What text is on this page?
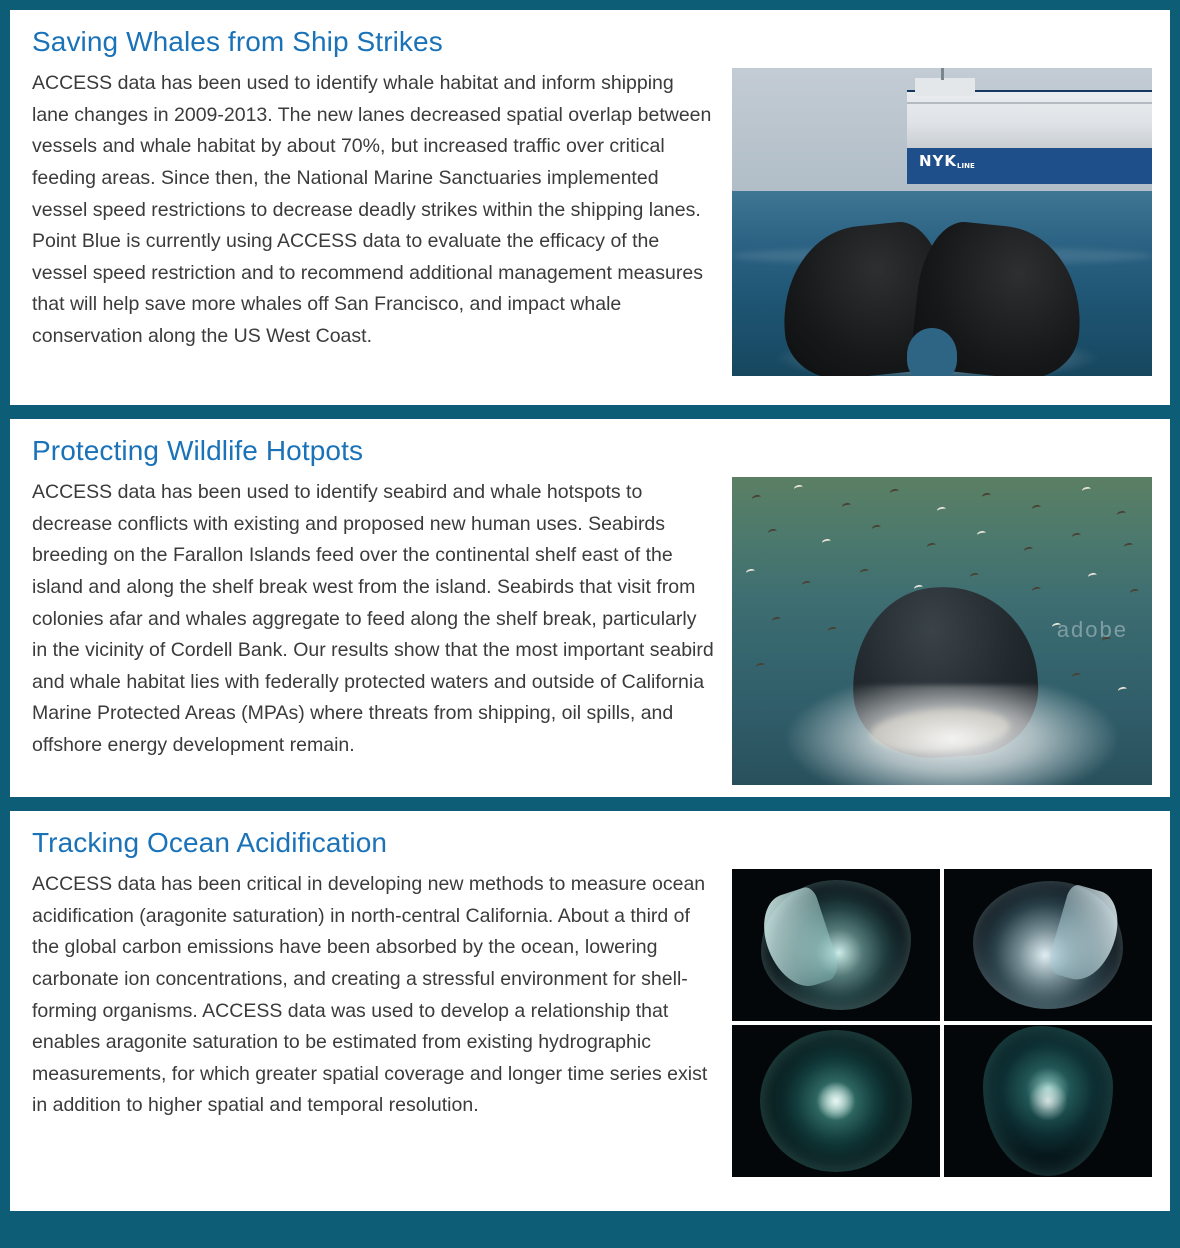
Saving Whales from Ship Strikes
ACCESS data has been used to identify whale habitat and inform shipping lane changes in 2009-2013. The new lanes decreased spatial overlap between vessels and whale habitat by about 70%, but increased traffic over critical feeding areas. Since then, the National Marine Sanctuaries implemented vessel speed restrictions to decrease deadly strikes within the shipping lanes. Point Blue is currently using ACCESS data to evaluate the efficacy of the vessel speed restriction and to recommend additional management measures that will help save more whales off San Francisco, and impact whale conservation along the US West Coast.
NYKLINE
Protecting Wildlife Hotpots
ACCESS data has been used to identify seabird and whale hotspots to decrease conflicts with existing and proposed new human uses. Seabirds breeding on the Farallon Islands feed over the continental shelf east of the island and along the shelf break west from the island. Seabirds that visit from colonies afar and whales aggregate to feed along the shelf break, particularly in the vicinity of Cordell Bank. Our results show that the most important seabird and whale habitat lies with federally protected waters and outside of California Marine Protected Areas (MPAs) where threats from shipping, oil spills, and offshore energy development remain.
adobe
Tracking Ocean Acidification
ACCESS data has been critical in developing new methods to measure ocean acidification (aragonite saturation) in north-central California. About a third of the global carbon emissions have been absorbed by the ocean, lowering carbonate ion concentrations, and creating a stressful environment for shell-forming organisms. ACCESS data was used to develop a relationship that enables aragonite saturation to be estimated from existing hydrographic measurements, for which greater spatial coverage and longer time series exist in addition to higher spatial and temporal resolution.
